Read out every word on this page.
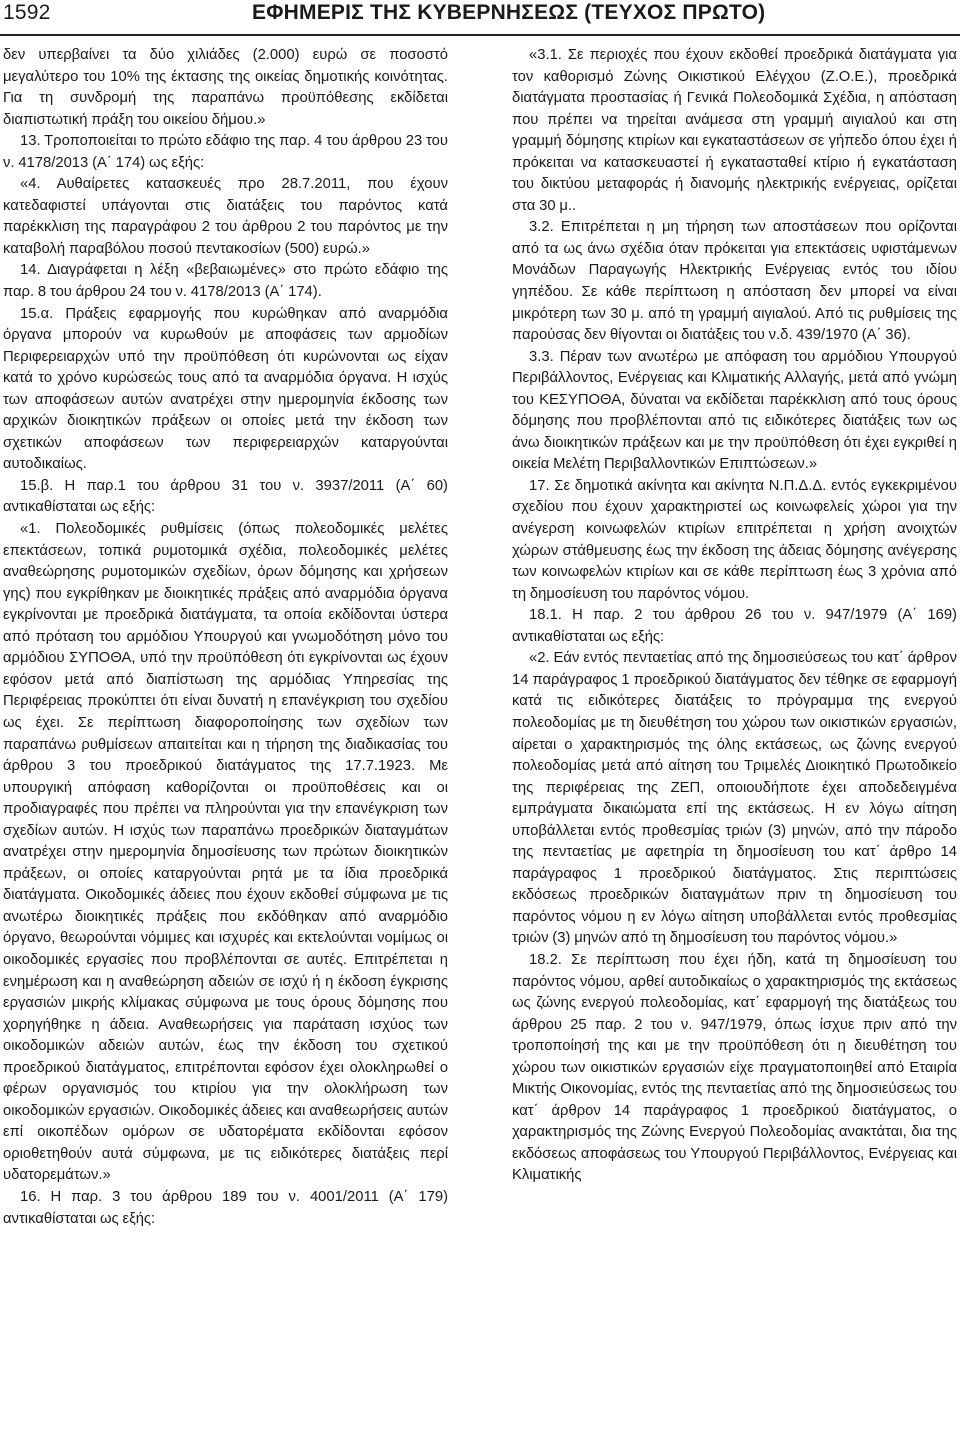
1592	ΕΦΗΜΕΡΙΣ ΤΗΣ ΚΥΒΕΡΝΗΣΕΩΣ (ΤΕΥΧΟΣ ΠΡΩΤΟ)

δεν υπερβαίνει τα δύο χιλιάδες (2.000) ευρώ σε ποσοστό μεγαλύτερο του 10% της έκτασης της οικείας δημοτικής κοινότητας. Για τη συνδρομή της παραπάνω προϋπόθεσης εκδίδεται διαπιστωτική πράξη του οικείου δήμου.»

13. Τροποποιείται το πρώτο εδάφιο της παρ. 4 του άρθρου 23 του ν. 4178/2013 (Α΄ 174) ως εξής:

«4. Αυθαίρετες κατασκευές προ 28.7.2011, που έχουν κατεδαφιστεί υπάγονται στις διατάξεις του παρόντος κατά παρέκκλιση της παραγράφου 2 του άρθρου 2 του παρόντος με την καταβολή παραβόλου ποσού πεντακοσίων (500) ευρώ.»

14. Διαγράφεται η λέξη «βεβαιωμένες» στο πρώτο εδάφιο της παρ. 8 του άρθρου 24 του ν. 4178/2013 (Α΄ 174).

15.α. Πράξεις εφαρμογής που κυρώθηκαν από αναρμόδια όργανα μπορούν να κυρωθούν με αποφάσεις των αρμοδίων Περιφερειαρχών υπό την προϋπόθεση ότι κυρώνονται ως είχαν κατά το χρόνο κυρώσεώς τους από τα αναρμόδια όργανα. Η ισχύς των αποφάσεων αυτών ανατρέχει στην ημερομηνία έκδοσης των αρχικών διοικητικών πράξεων οι οποίες μετά την έκδοση των σχετικών αποφάσεων των περιφερειαρχών καταργούνται αυτοδικαίως.

15.β. Η παρ.1 του άρθρου 31 του ν. 3937/2011 (Α΄ 60) αντικαθίσταται ως εξής:

«1. Πολεοδομικές ρυθμίσεις (όπως πολεοδομικές μελέτες επεκτάσεων, τοπικά ρυμοτομικά σχέδια, πολεοδομικές μελέτες αναθεώρησης ρυμοτομικών σχεδίων, όρων δόμησης και χρήσεων γης) που εγκρίθηκαν με διοικητικές πράξεις από αναρμόδια όργανα εγκρίνονται με προεδρικά διατάγματα, τα οποία εκδίδονται ύστερα από πρόταση του αρμόδιου Υπουργού και γνωμοδότηση μόνο του αρμόδιου ΣΥΠΟΘΑ, υπό την προϋπόθεση ότι εγκρίνονται ως έχουν εφόσον μετά από διαπίστωση της αρμόδιας Υπηρεσίας της Περιφέρειας προκύπτει ότι είναι δυνατή η επανέγκριση του σχεδίου ως έχει. Σε περίπτωση διαφοροποίησης των σχεδίων των παραπάνω ρυθμίσεων απαιτείται και η τήρηση της διαδικασίας του άρθρου 3 του προεδρικού διατάγματος της 17.7.1923. Με υπουργική απόφαση καθορίζονται οι προϋποθέσεις και οι προδιαγραφές που πρέπει να πληρούνται για την επανέγκριση των σχεδίων αυτών. Η ισχύς των παραπάνω προεδρικών διαταγμάτων ανατρέχει στην ημερομηνία δημοσίευσης των πρώτων διοικητικών πράξεων, οι οποίες καταργούνται ρητά με τα ίδια προεδρικά διατάγματα. Οικοδομικές άδειες που έχουν εκδοθεί σύμφωνα με τις ανωτέρω διοικητικές πράξεις που εκδόθηκαν από αναρμόδιο όργανο, θεωρούνται νόμιμες και ισχυρές και εκτελούνται νομίμως οι οικοδομικές εργασίες που προβλέπονται σε αυτές. Επιτρέπεται η ενημέρωση και η αναθεώρηση αδειών σε ισχύ ή η έκδοση έγκρισης εργασιών μικρής κλίμακας σύμφωνα με τους όρους δόμησης που χορηγήθηκε η άδεια. Αναθεωρήσεις για παράταση ισχύος των οικοδομικών αδειών αυτών, έως την έκδοση του σχετικού προεδρικού διατάγματος, επιτρέπονται εφόσον έχει ολοκληρωθεί ο φέρων οργανισμός του κτιρίου για την ολοκλήρωση των οικοδομικών εργασιών. Οικοδομικές άδειες και αναθεωρήσεις αυτών επί οικοπέδων ομόρων σε υδατορέματα εκδίδονται εφόσον οριοθετηθούν αυτά σύμφωνα, με τις ειδικότερες διατάξεις περί υδατορεμάτων.»

16. Η παρ. 3 του άρθρου 189 του ν. 4001/2011 (Α΄ 179) αντικαθίσταται ως εξής:

«3.1. Σε περιοχές που έχουν εκδοθεί προεδρικά διατάγματα για τον καθορισμό Ζώνης Οικιστικού Ελέγχου (Ζ.Ο.Ε.), προεδρικά διατάγματα προστασίας ή Γενικά Πολεοδομικά Σχέδια, η απόσταση που πρέπει να τηρείται ανάμεσα στη γραμμή αιγιαλού και στη γραμμή δόμησης κτιρίων και εγκαταστάσεων σε γήπεδο όπου έχει ή πρόκειται να κατασκευαστεί ή εγκατασταθεί κτίριο ή εγκατάσταση του δικτύου μεταφοράς ή διανομής ηλεκτρικής ενέργειας, ορίζεται στα 30 μ..

3.2. Επιτρέπεται η μη τήρηση των αποστάσεων που ορίζονται από τα ως άνω σχέδια όταν πρόκειται για επεκτάσεις υφιστάμενων Μονάδων Παραγωγής Ηλεκτρικής Ενέργειας εντός του ιδίου γηπέδου. Σε κάθε περίπτωση η απόσταση δεν μπορεί να είναι μικρότερη των 30 μ. από τη γραμμή αιγιαλού. Από τις ρυθμίσεις της παρούσας δεν θίγονται οι διατάξεις του ν.δ. 439/1970 (Α΄ 36).

3.3. Πέραν των ανωτέρω με απόφαση του αρμόδιου Υπουργού Περιβάλλοντος, Ενέργειας και Κλιματικής Αλλαγής, μετά από γνώμη του ΚΕΣΥΠΟΘΑ, δύναται να εκδίδεται παρέκκλιση από τους όρους δόμησης που προβλέπονται από τις ειδικότερες διατάξεις των ως άνω διοικητικών πράξεων και με την προϋπόθεση ότι έχει εγκριθεί η οικεία Μελέτη Περιβαλλοντικών Επιπτώσεων.»

17. Σε δημοτικά ακίνητα και ακίνητα Ν.Π.Δ.Δ. εντός εγκεκριμένου σχεδίου που έχουν χαρακτηριστεί ως κοινωφελείς χώροι για την ανέγερση κοινωφελών κτιρίων επιτρέπεται η χρήση ανοιχτών χώρων στάθμευσης έως την έκδοση της άδειας δόμησης ανέγερσης των κοινωφελών κτιρίων και σε κάθε περίπτωση έως 3 χρόνια από τη δημοσίευση του παρόντος νόμου.

18.1. Η παρ. 2 του άρθρου 26 του ν. 947/1979 (Α΄ 169) αντικαθίσταται ως εξής:

«2. Εάν εντός πενταετίας από της δημοσιεύσεως του κατ΄ άρθρον 14 παράγραφος 1 προεδρικού διατάγματος δεν τέθηκε σε εφαρμογή κατά τις ειδικότερες διατάξεις το πρόγραμμα της ενεργού πολεοδομίας με τη διευθέτηση του χώρου των οικιστικών εργασιών, αίρεται ο χαρακτηρισμός της όλης εκτάσεως, ως ζώνης ενεργού πολεοδομίας μετά από αίτηση του Τριμελές Διοικητικό Πρωτοδικείο της περιφέρειας της ΖΕΠ, οποιουδήποτε έχει αποδεδειγμένα εμπράγματα δικαιώματα επί της εκτάσεως. Η εν λόγω αίτηση υποβάλλεται εντός προθεσμίας τριών (3) μηνών, από την πάροδο της πενταετίας με αφετηρία τη δημοσίευση του κατ΄ άρθρο 14 παράγραφος 1 προεδρικού διατάγματος. Στις περιπτώσεις εκδόσεως προεδρικών διαταγμάτων πριν τη δημοσίευση του παρόντος νόμου η εν λόγω αίτηση υποβάλλεται εντός προθεσμίας τριών (3) μηνών από τη δημοσίευση του παρόντος νόμου.»

18.2. Σε περίπτωση που έχει ήδη, κατά τη δημοσίευση του παρόντος νόμου, αρθεί αυτοδικαίως ο χαρακτηρισμός της εκτάσεως ως ζώνης ενεργού πολεοδομίας, κατ΄ εφαρμογή της διατάξεως του άρθρου 25 παρ. 2 του ν. 947/1979, όπως ίσχυε πριν από την τροποποίησή της και με την προϋπόθεση ότι η διευθέτηση του χώρου των οικιστικών εργασιών είχε πραγματοποιηθεί από Εταιρία Μικτής Οικονομίας, εντός της πενταετίας από της δημοσιεύσεως του κατ΄ άρθρον 14 παράγραφος 1 προεδρικού διατάγματος, ο χαρακτηρισμός της Ζώνης Ενεργού Πολεοδομίας ανακτάται, δια της εκδόσεως αποφάσεως του Υπουργού Περιβάλλοντος, Ενέργειας και Κλιματικής
